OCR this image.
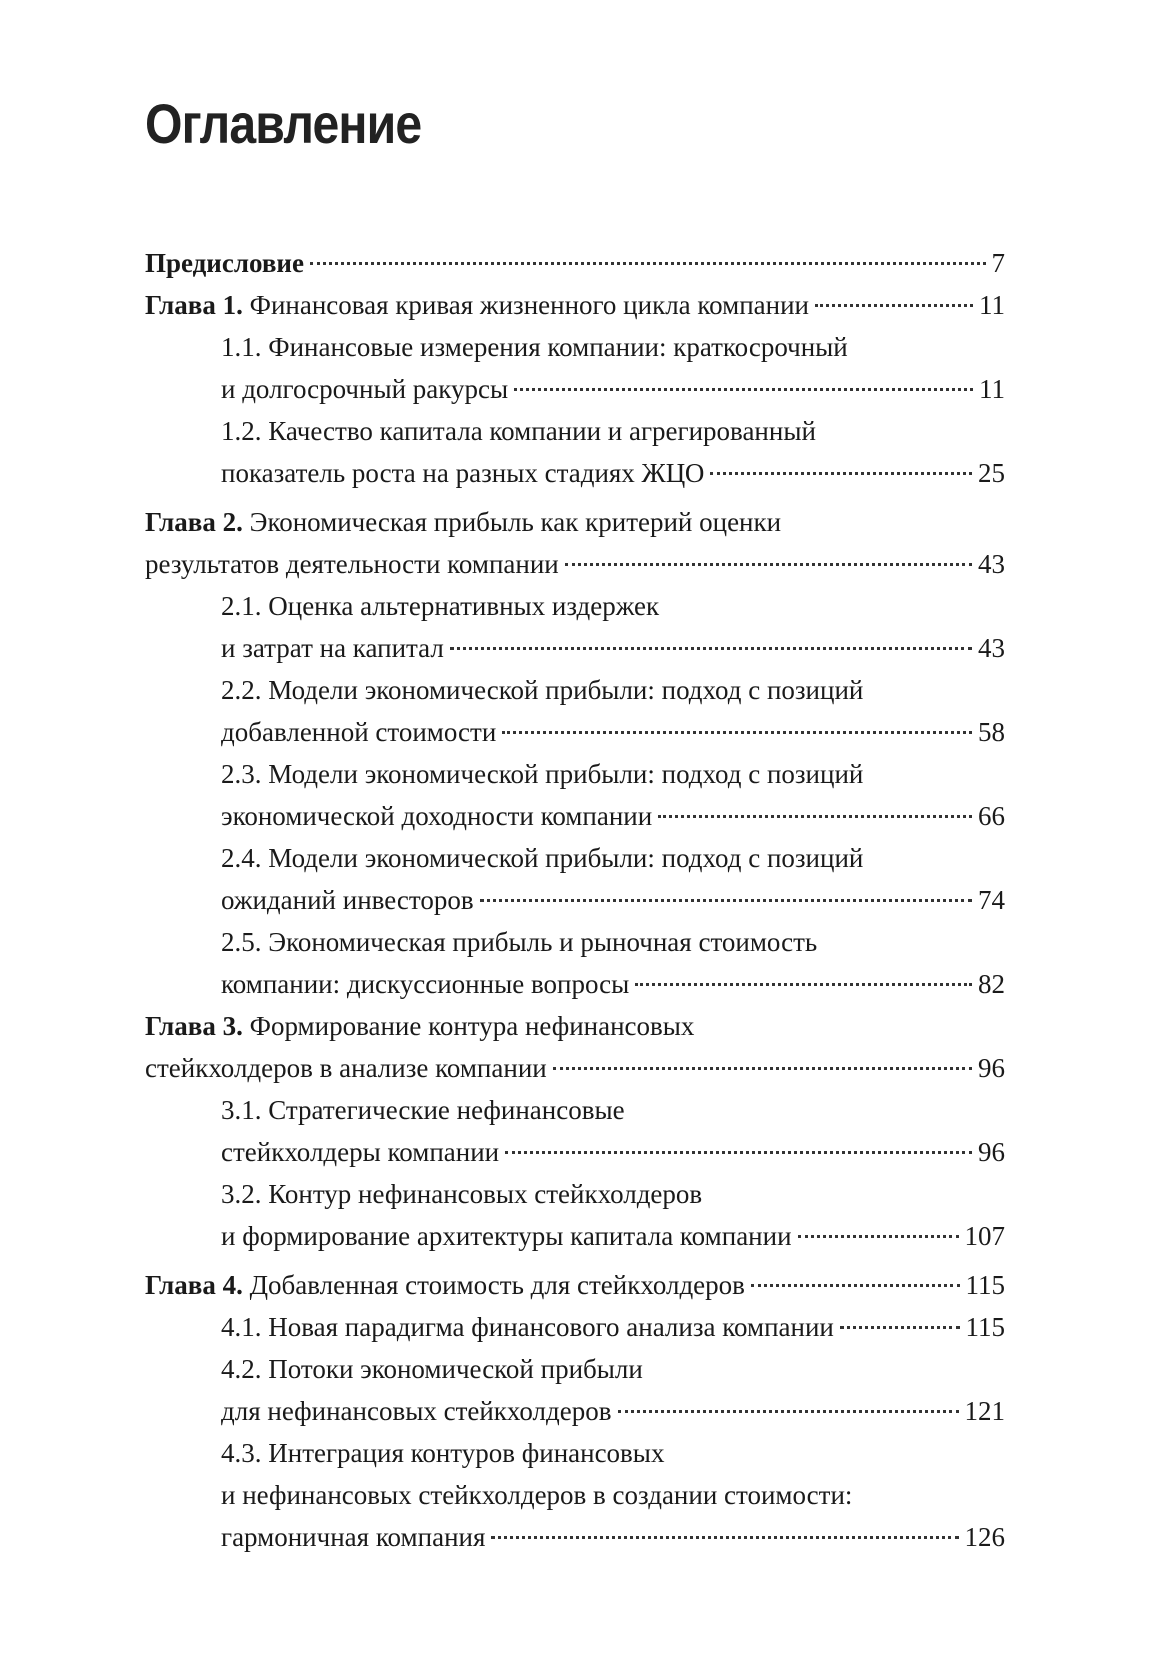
Оглавление
Предисловие	7
Глава 1. Финансовая кривая жизненного цикла компании	11
1.1. Финансовые измерения компании: краткосрочный
и долгосрочный ракурсы	11
1.2. Качество капитала компании и агрегированный
показатель роста на разных стадиях ЖЦО	25
Глава 2. Экономическая прибыль как критерий оценки
результатов деятельности компании	43
2.1. Оценка альтернативных издержек
и затрат на капитал	43
2.2. Модели экономической прибыли: подход с позиций
добавленной стоимости	58
2.3. Модели экономической прибыли: подход с позиций
экономической доходности компании	66
2.4. Модели экономической прибыли: подход с позиций
ожиданий инвесторов	74
2.5. Экономическая прибыль и рыночная стоимость
компании: дискуссионные вопросы	82
Глава 3. Формирование контура нефинансовых
стейкхолдеров в анализе компании	96
3.1. Стратегические нефинансовые
стейкхолдеры компании	96
3.2. Контур нефинансовых стейкхолдеров
и формирование архитектуры капитала компании	107
Глава 4. Добавленная стоимость для стейкхолдеров	115
4.1. Новая парадигма финансового анализа компании	115
4.2. Потоки экономической прибыли
для нефинансовых стейкхолдеров	121
4.3. Интеграция контуров финансовых
и нефинансовых стейкхолдеров в создании стоимости:
гармоничная компания	126
